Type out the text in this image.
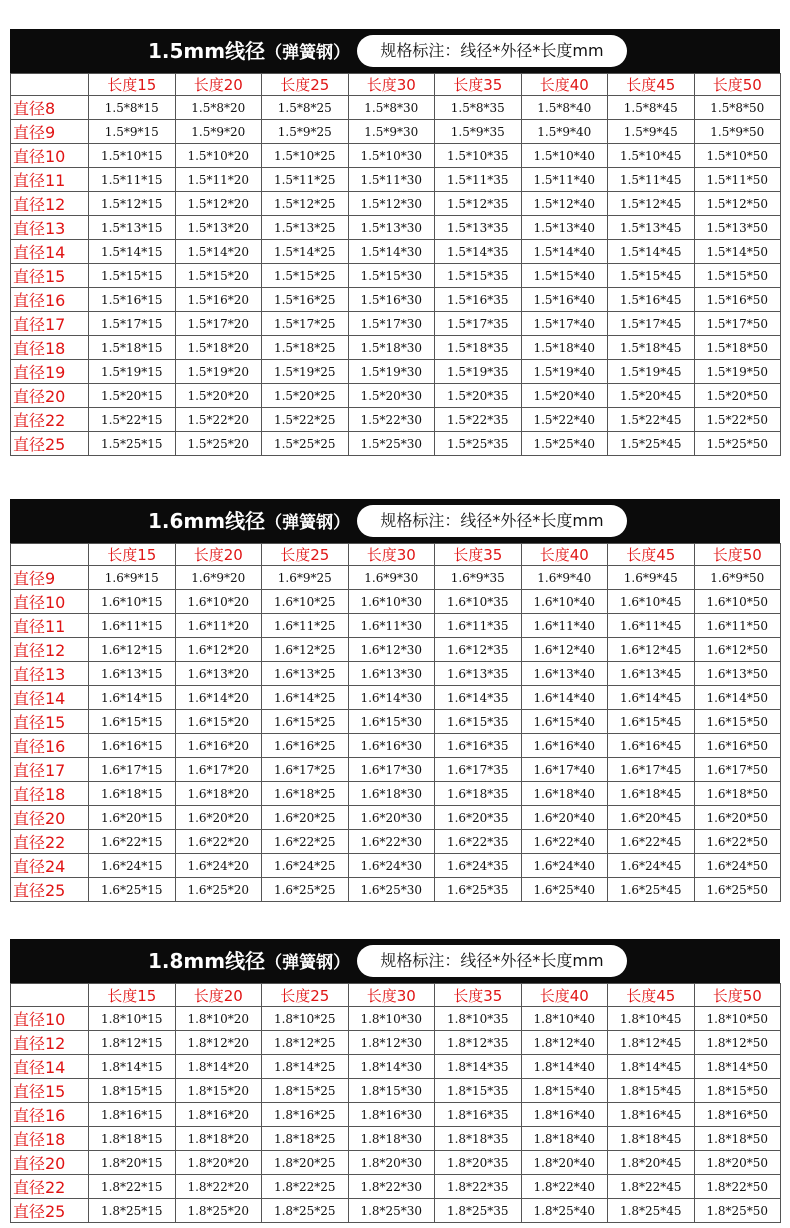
1.5mm线径（弹簧钢）	规格标注：线径*外径*长度mm
	长度15	长度20	长度25	长度30	长度35	长度40	长度45	长度50
直径8	1.5*8*15	1.5*8*20	1.5*8*25	1.5*8*30	1.5*8*35	1.5*8*40	1.5*8*45	1.5*8*50
直径9	1.5*9*15	1.5*9*20	1.5*9*25	1.5*9*30	1.5*9*35	1.5*9*40	1.5*9*45	1.5*9*50
直径10	1.5*10*15	1.5*10*20	1.5*10*25	1.5*10*30	1.5*10*35	1.5*10*40	1.5*10*45	1.5*10*50
直径11	1.5*11*15	1.5*11*20	1.5*11*25	1.5*11*30	1.5*11*35	1.5*11*40	1.5*11*45	1.5*11*50
直径12	1.5*12*15	1.5*12*20	1.5*12*25	1.5*12*30	1.5*12*35	1.5*12*40	1.5*12*45	1.5*12*50
直径13	1.5*13*15	1.5*13*20	1.5*13*25	1.5*13*30	1.5*13*35	1.5*13*40	1.5*13*45	1.5*13*50
直径14	1.5*14*15	1.5*14*20	1.5*14*25	1.5*14*30	1.5*14*35	1.5*14*40	1.5*14*45	1.5*14*50
直径15	1.5*15*15	1.5*15*20	1.5*15*25	1.5*15*30	1.5*15*35	1.5*15*40	1.5*15*45	1.5*15*50
直径16	1.5*16*15	1.5*16*20	1.5*16*25	1.5*16*30	1.5*16*35	1.5*16*40	1.5*16*45	1.5*16*50
直径17	1.5*17*15	1.5*17*20	1.5*17*25	1.5*17*30	1.5*17*35	1.5*17*40	1.5*17*45	1.5*17*50
直径18	1.5*18*15	1.5*18*20	1.5*18*25	1.5*18*30	1.5*18*35	1.5*18*40	1.5*18*45	1.5*18*50
直径19	1.5*19*15	1.5*19*20	1.5*19*25	1.5*19*30	1.5*19*35	1.5*19*40	1.5*19*45	1.5*19*50
直径20	1.5*20*15	1.5*20*20	1.5*20*25	1.5*20*30	1.5*20*35	1.5*20*40	1.5*20*45	1.5*20*50
直径22	1.5*22*15	1.5*22*20	1.5*22*25	1.5*22*30	1.5*22*35	1.5*22*40	1.5*22*45	1.5*22*50
直径25	1.5*25*15	1.5*25*20	1.5*25*25	1.5*25*30	1.5*25*35	1.5*25*40	1.5*25*45	1.5*25*50
1.6mm线径（弹簧钢）	规格标注：线径*外径*长度mm
	长度15	长度20	长度25	长度30	长度35	长度40	长度45	长度50
直径9	1.6*9*15	1.6*9*20	1.6*9*25	1.6*9*30	1.6*9*35	1.6*9*40	1.6*9*45	1.6*9*50
直径10	1.6*10*15	1.6*10*20	1.6*10*25	1.6*10*30	1.6*10*35	1.6*10*40	1.6*10*45	1.6*10*50
直径11	1.6*11*15	1.6*11*20	1.6*11*25	1.6*11*30	1.6*11*35	1.6*11*40	1.6*11*45	1.6*11*50
直径12	1.6*12*15	1.6*12*20	1.6*12*25	1.6*12*30	1.6*12*35	1.6*12*40	1.6*12*45	1.6*12*50
直径13	1.6*13*15	1.6*13*20	1.6*13*25	1.6*13*30	1.6*13*35	1.6*13*40	1.6*13*45	1.6*13*50
直径14	1.6*14*15	1.6*14*20	1.6*14*25	1.6*14*30	1.6*14*35	1.6*14*40	1.6*14*45	1.6*14*50
直径15	1.6*15*15	1.6*15*20	1.6*15*25	1.6*15*30	1.6*15*35	1.6*15*40	1.6*15*45	1.6*15*50
直径16	1.6*16*15	1.6*16*20	1.6*16*25	1.6*16*30	1.6*16*35	1.6*16*40	1.6*16*45	1.6*16*50
直径17	1.6*17*15	1.6*17*20	1.6*17*25	1.6*17*30	1.6*17*35	1.6*17*40	1.6*17*45	1.6*17*50
直径18	1.6*18*15	1.6*18*20	1.6*18*25	1.6*18*30	1.6*18*35	1.6*18*40	1.6*18*45	1.6*18*50
直径20	1.6*20*15	1.6*20*20	1.6*20*25	1.6*20*30	1.6*20*35	1.6*20*40	1.6*20*45	1.6*20*50
直径22	1.6*22*15	1.6*22*20	1.6*22*25	1.6*22*30	1.6*22*35	1.6*22*40	1.6*22*45	1.6*22*50
直径24	1.6*24*15	1.6*24*20	1.6*24*25	1.6*24*30	1.6*24*35	1.6*24*40	1.6*24*45	1.6*24*50
直径25	1.6*25*15	1.6*25*20	1.6*25*25	1.6*25*30	1.6*25*35	1.6*25*40	1.6*25*45	1.6*25*50
1.8mm线径（弹簧钢）	规格标注：线径*外径*长度mm
	长度15	长度20	长度25	长度30	长度35	长度40	长度45	长度50
直径10	1.8*10*15	1.8*10*20	1.8*10*25	1.8*10*30	1.8*10*35	1.8*10*40	1.8*10*45	1.8*10*50
直径12	1.8*12*15	1.8*12*20	1.8*12*25	1.8*12*30	1.8*12*35	1.8*12*40	1.8*12*45	1.8*12*50
直径14	1.8*14*15	1.8*14*20	1.8*14*25	1.8*14*30	1.8*14*35	1.8*14*40	1.8*14*45	1.8*14*50
直径15	1.8*15*15	1.8*15*20	1.8*15*25	1.8*15*30	1.8*15*35	1.8*15*40	1.8*15*45	1.8*15*50
直径16	1.8*16*15	1.8*16*20	1.8*16*25	1.8*16*30	1.8*16*35	1.8*16*40	1.8*16*45	1.8*16*50
直径18	1.8*18*15	1.8*18*20	1.8*18*25	1.8*18*30	1.8*18*35	1.8*18*40	1.8*18*45	1.8*18*50
直径20	1.8*20*15	1.8*20*20	1.8*20*25	1.8*20*30	1.8*20*35	1.8*20*40	1.8*20*45	1.8*20*50
直径22	1.8*22*15	1.8*22*20	1.8*22*25	1.8*22*30	1.8*22*35	1.8*22*40	1.8*22*45	1.8*22*50
直径25	1.8*25*15	1.8*25*20	1.8*25*25	1.8*25*30	1.8*25*35	1.8*25*40	1.8*25*45	1.8*25*50
